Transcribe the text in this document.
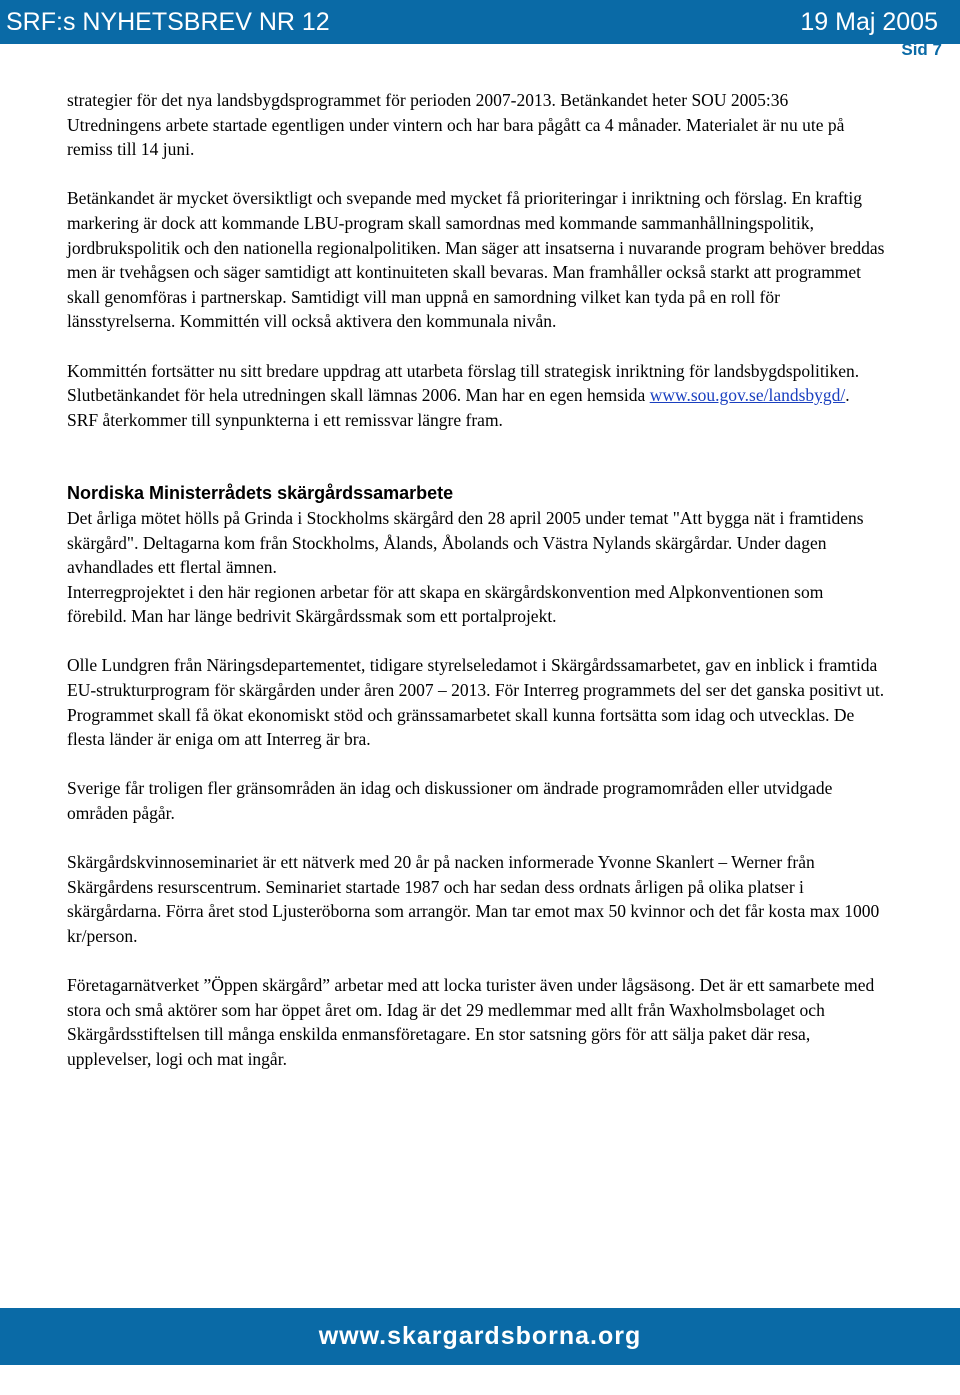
SRF:s NYHETSBREV NR 12	19 Maj 2005
Sid 7

strategier för det nya landsbygdsprogrammet för perioden 2007-2013. Betänkandet heter SOU 2005:36

Utredningens arbete startade egentligen under vintern och har bara pågått ca 4 månader. Materialet är nu ute på remiss till 14 juni.

Betänkandet är mycket översiktligt och svepande med mycket få prioriteringar i inriktning och förslag. En kraftig markering är dock att kommande LBU-program skall samordnas med kommande sammanhållningspolitik, jordbrukspolitik och den nationella regionalpolitiken. Man säger att insatserna i nuvarande program behöver breddas men är tvehågsen och säger samtidigt att kontinuiteten skall bevaras. Man framhåller också starkt att programmet skall genomföras i partnerskap. Samtidigt vill man uppnå en samordning vilket kan tyda på en roll för länsstyrelserna. Kommittén vill också aktivera den kommunala nivån.

Kommittén fortsätter nu sitt bredare uppdrag att utarbeta förslag till strategisk inriktning för landsbygdspolitiken. Slutbetänkandet för hela utredningen skall lämnas 2006. Man har en egen hemsida www.sou.gov.se/landsbygd/.

SRF återkommer till synpunkterna i ett remissvar längre fram.

Nordiska Ministerrådets skärgårdssamarbete

Det årliga mötet hölls på Grinda i Stockholms skärgård den 28 april 2005 under temat "Att bygga nät i framtidens skärgård". Deltagarna kom från Stockholms, Ålands, Åbolands och Västra Nylands skärgårdar. Under dagen avhandlades ett flertal ämnen.

Interregprojektet i den här regionen arbetar för att skapa en skärgårdskonvention med Alpkonventionen som förebild. Man har länge bedrivit Skärgårdssmak som ett portalprojekt.

Olle Lundgren från Näringsdepartementet, tidigare styrelseledamot i Skärgårdssamarbetet, gav en inblick i framtida EU-strukturprogram för skärgården under åren 2007 – 2013. För Interreg programmets del ser det ganska positivt ut. Programmet skall få ökat ekonomiskt stöd och gränssamarbetet skall kunna fortsätta som idag och utvecklas. De flesta länder är eniga om att Interreg är bra.

Sverige får troligen fler gränsområden än idag och diskussioner om ändrade programområden eller utvidgade områden pågår.

Skärgårdskvinnoseminariet är ett nätverk med 20 år på nacken informerade Yvonne Skanlert – Werner från Skärgårdens resurscentrum. Seminariet startade 1987 och har sedan dess ordnats årligen på olika platser i skärgårdarna. Förra året stod Ljusteröborna som arrangör. Man tar emot max 50 kvinnor och det får kosta max 1000 kr/person.

Företagarnätverket ”Öppen skärgård” arbetar med att locka turister även under lågsäsong. Det är ett samarbete med stora och små aktörer som har öppet året om. Idag är det 29 medlemmar med allt från Waxholmsbolaget och Skärgårdsstiftelsen till många enskilda enmansföretagare. En stor satsning görs för att sälja paket där resa, upplevelser, logi och mat ingår.

www.skargardsborna.org
